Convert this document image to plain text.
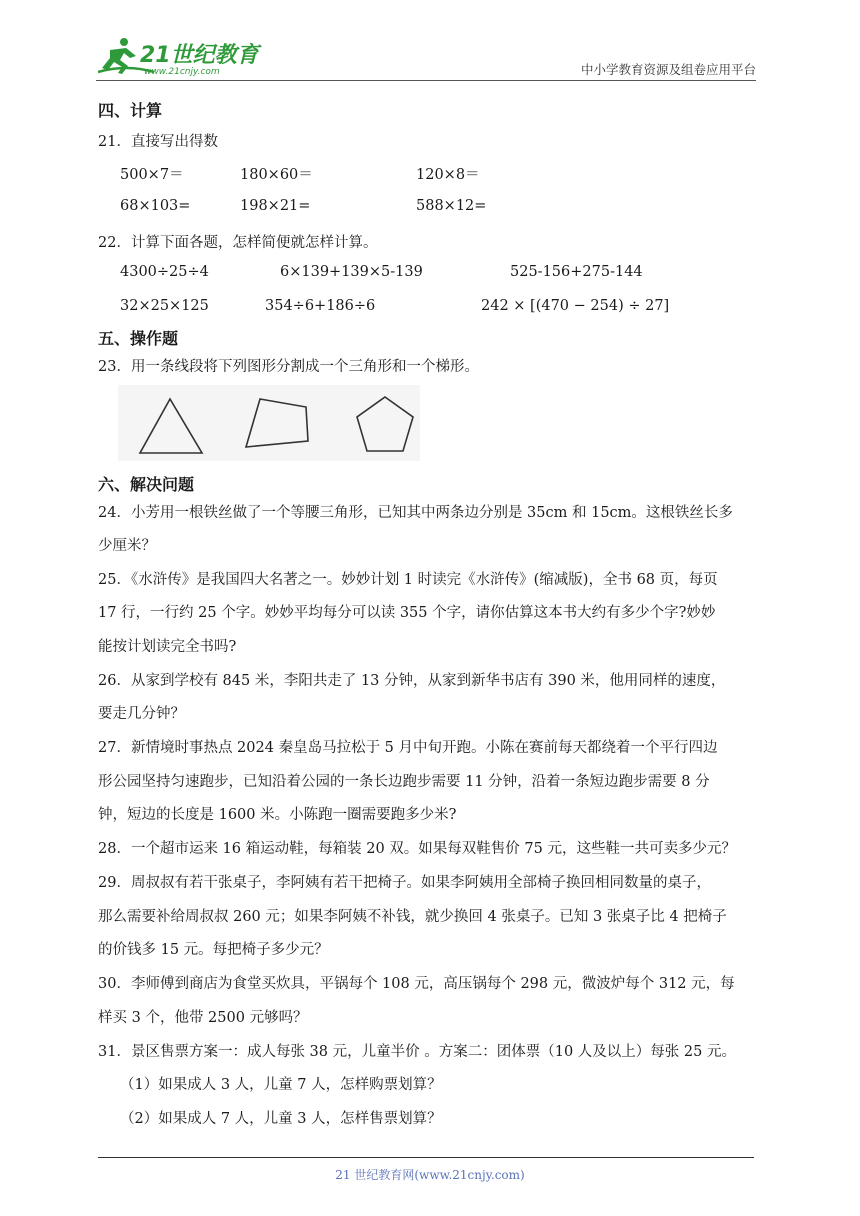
21世纪教育
www.21cnjy.com	中小学教育资源及组卷应用平台
四、计算
21．直接写出得数
500×7＝	180×60＝	120×8＝
68×103=	198×21=	588×12=
22．计算下面各题，怎样简便就怎样计算。
4300÷25÷4	6×139+139×5-139	525-156+275-144
32×25×125	354÷6+186÷6	242 × [(470 − 254) ÷ 27]
五、操作题
23．用一条线段将下列图形分割成一个三角形和一个梯形。
六、解决问题
24．小芳用一根铁丝做了一个等腰三角形，已知其中两条边分别是 35cm 和 15cm。这根铁丝长多
少厘米？
25．《水浒传》是我国四大名著之一。妙妙计划 1 时读完《水浒传》(缩减版)，全书 68 页，每页
17 行，一行约 25 个字。妙妙平均每分可以读 355 个字，请你估算这本书大约有多少个字?妙妙
能按计划读完全书吗?
26．从家到学校有 845 米，李阳共走了 13 分钟，从家到新华书店有 390 米，他用同样的速度，
要走几分钟？
27．新情境时事热点 2024 秦皇岛马拉松于 5 月中旬开跑。小陈在赛前每天都绕着一个平行四边
形公园坚持匀速跑步，已知沿着公园的一条长边跑步需要 11 分钟，沿着一条短边跑步需要 8 分
钟，短边的长度是 1600 米。小陈跑一圈需要跑多少米?
28．一个超市运来 16 箱运动鞋，每箱装 20 双。如果每双鞋售价 75 元，这些鞋一共可卖多少元？
29．周叔叔有若干张桌子，李阿姨有若干把椅子。如果李阿姨用全部椅子换回相同数量的桌子，
那么需要补给周叔叔 260 元；如果李阿姨不补钱，就少换回 4 张桌子。已知 3 张桌子比 4 把椅子
的价钱多 15 元。每把椅子多少元？
30．李师傅到商店为食堂买炊具，平锅每个 108 元，高压锅每个 298 元，微波炉每个 312 元，每
样买 3 个，他带 2500 元够吗？
31．景区售票方案一：成人每张 38 元，儿童半价 。方案二：团体票（10 人及以上）每张 25 元。
（1）如果成人 3 人，儿童 7 人，怎样购票划算？
（2）如果成人 7 人，儿童 3 人，怎样售票划算？
21 世纪教育网(www.21cnjy.com)
